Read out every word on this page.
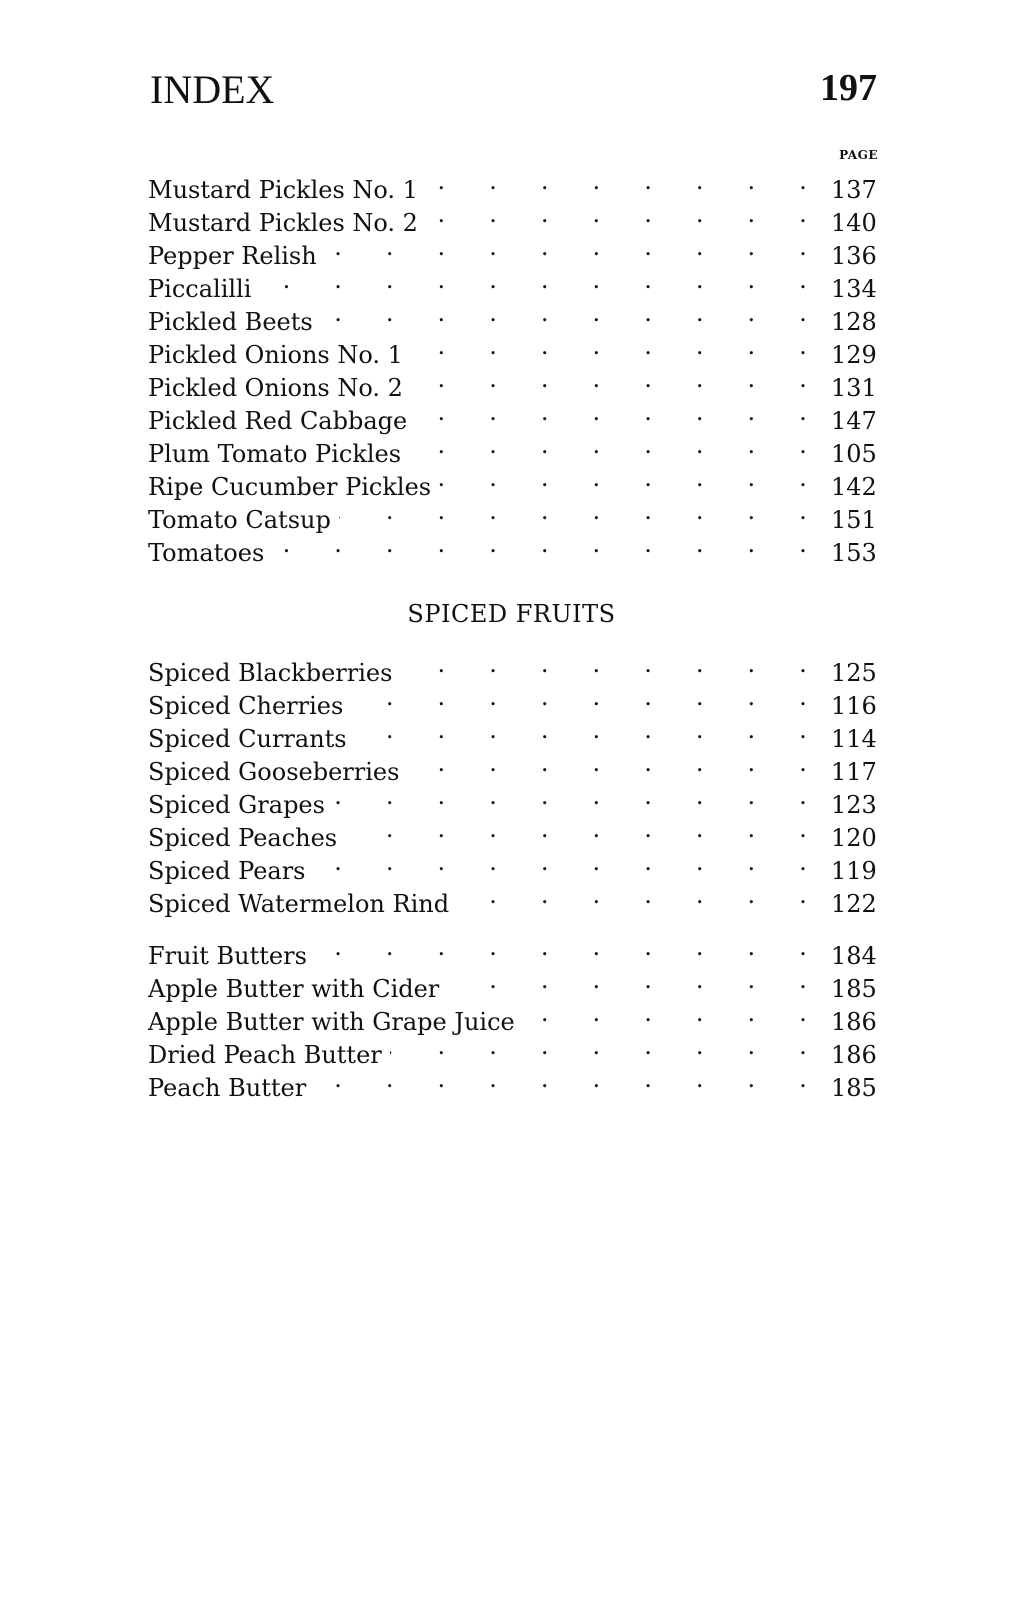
INDEX	197
PAGE
Mustard Pickles No. 1 . . .	137
Mustard Pickles No. 2 . . .	140
Pepper Relish . . .	136
Piccalilli . . .	134
Pickled Beets . . .	128
Pickled Onions No. 1 . . .	129
Pickled Onions No. 2 . . .	131
Pickled Red Cabbage . . .	147
Plum Tomato Pickles . . .	105
Ripe Cucumber Pickles . . .	142
Tomato Catsup . . .	151
Tomatoes . . .	153
SPICED FRUITS
Spiced Blackberries . . .	125
Spiced Cherries . . .	116
Spiced Currants . . .	114
Spiced Gooseberries . . .	117
Spiced Grapes . . .	123
Spiced Peaches . . .	120
Spiced Pears . . .	119
Spiced Watermelon Rind . . .	122
Fruit Butters . . .	184
Apple Butter with Cider . . .	185
Apple Butter with Grape Juice . . .	186
Dried Peach Butter . . .	186
Peach Butter . . .	185
